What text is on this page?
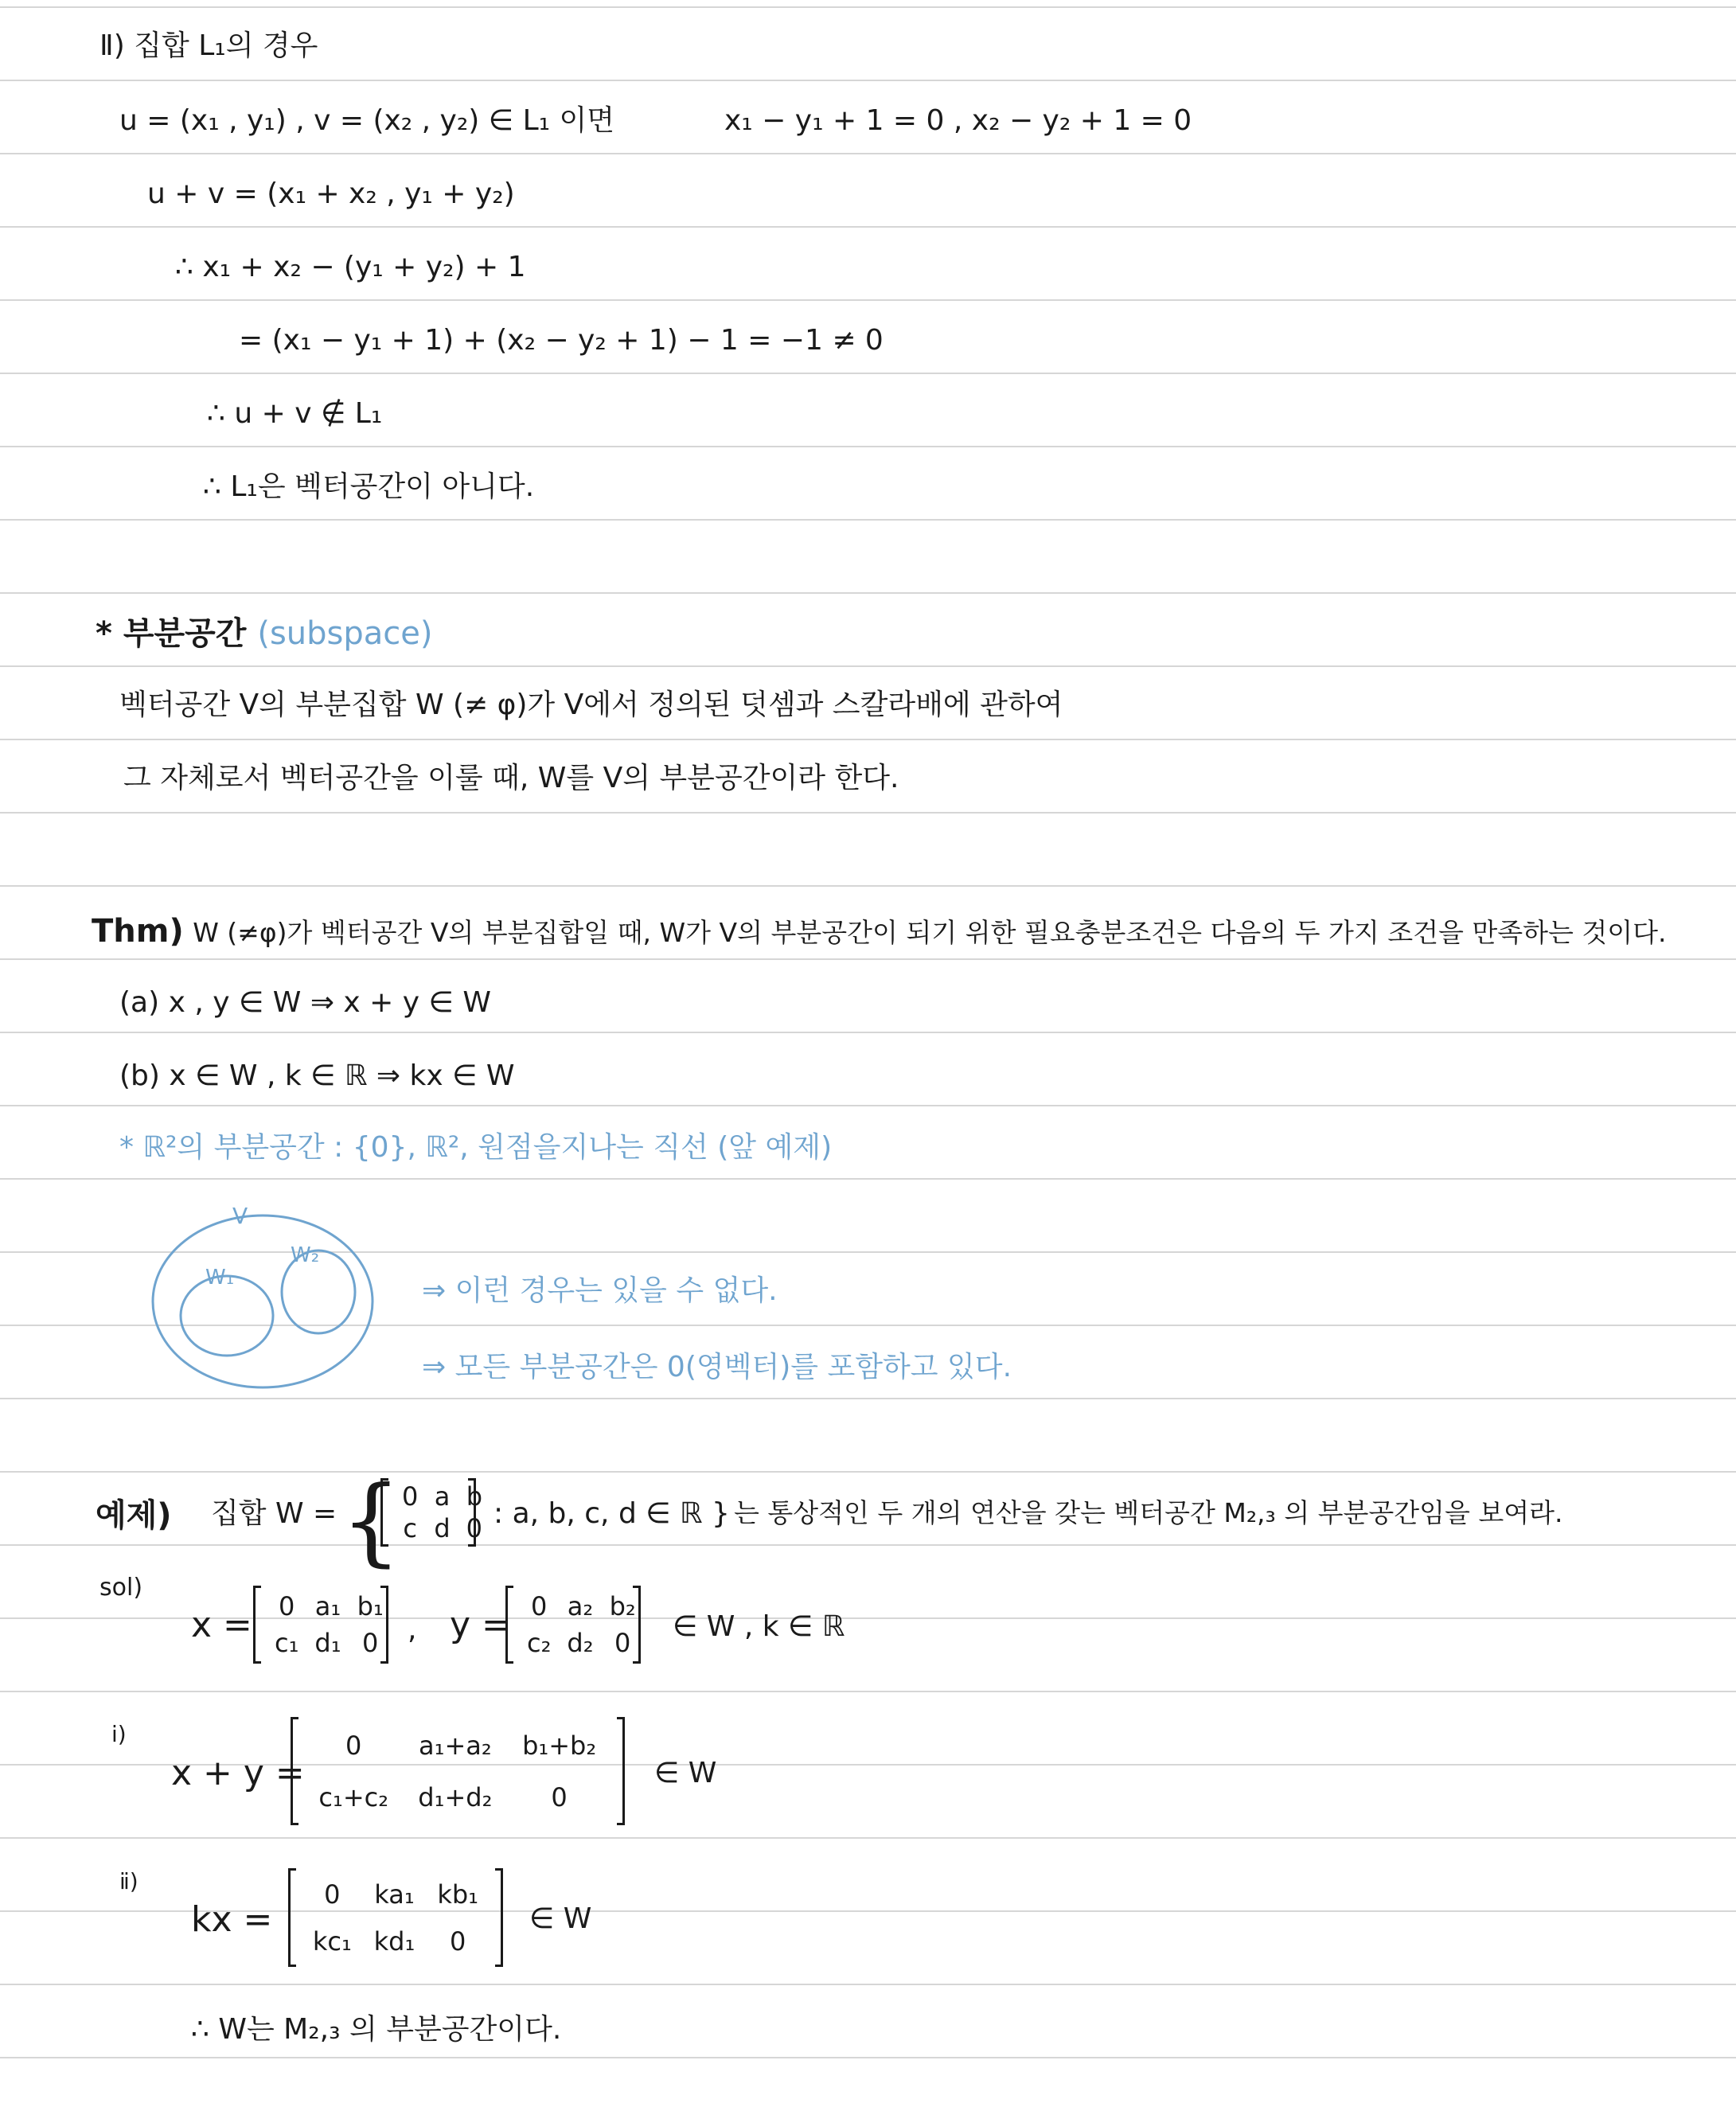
Ⅱ) 집합 L₁의 경우
u = (x₁ , y₁) , v = (x₂ , y₂) ∈ L₁ 이면	x₁ − y₁ + 1 = 0 , x₂ − y₂ + 1 = 0
u + v = (x₁ + x₂ , y₁ + y₂)
∴ x₁ + x₂ − (y₁ + y₂) + 1
= (x₁ − y₁ + 1) + (x₂ − y₂ + 1) − 1 = −1 ≠ 0
∴ u + v ∉ L₁
∴ L₁은 벡터공간이 아니다.
* 부분공간 (subspace)
벡터공간 V의 부분집합 W (≠ φ)가 V에서 정의된 덧셈과 스칼라배에 관하여
그 자체로서 벡터공간을 이룰 때, W를 V의 부분공간이라 한다.
Thm) W (≠φ)가 벡터공간 V의 부분집합일 때, W가 V의 부분공간이 되기 위한 필요충분조건은 다음의 두 가지 조건을 만족하는 것이다.
(a) x , y ∈ W ⇒ x + y ∈ W
(b) x ∈ W , k ∈ ℝ ⇒ kx ∈ W
* ℝ²의 부분공간 : {0}, ℝ², 원점을지나는 직선 (앞 예제)
V
W₁
W₂
⇒ 이런 경우는 있을 수 없다.
⇒ 모든 부분공간은 0(영벡터)를 포함하고 있다.
예제) 집합 W = { 0	a	b
c	d	0 : a, b, c, d ∈ ℝ } 는 통상적인 두 개의 연산을 갖는 벡터공간 M₂,₃ 의 부분공간임을 보여라.
sol)
x = 0	a₁	b₁
c₁	d₁	0 , y = 0	a₂	b₂
c₂	d₂	0 ∈ W , k ∈ ℝ
ⅰ)
x + y =
0	a₁+a₂	b₁+b₂
c₁+c₂	d₁+d₂	0
∈ W
ⅱ)
kx =
0	ka₁	kb₁
kc₁	kd₁	0
∈ W
∴ W는 M₂,₃ 의 부분공간이다.
